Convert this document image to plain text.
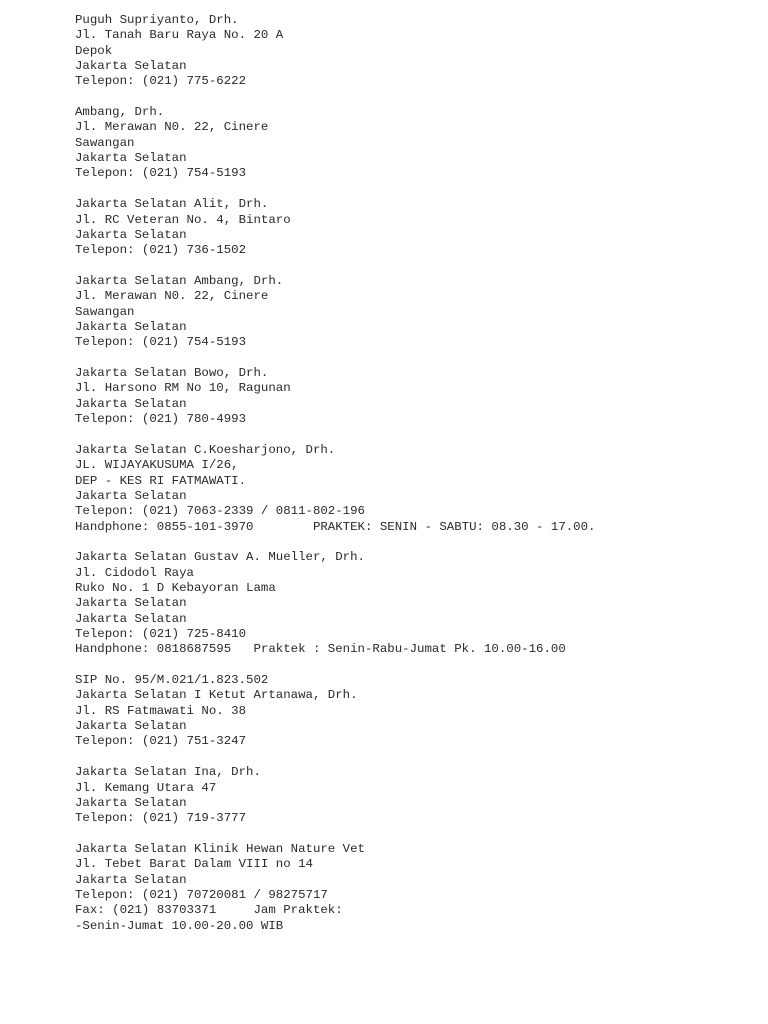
Puguh Supriyanto, Drh.
Jl. Tanah Baru Raya No. 20 A
Depok
Jakarta Selatan
Telepon: (021) 775-6222
Ambang, Drh.
Jl. Merawan N0. 22, Cinere
Sawangan
Jakarta Selatan
Telepon: (021) 754-5193
Jakarta Selatan Alit, Drh.
Jl. RC Veteran No. 4, Bintaro
Jakarta Selatan
Telepon: (021) 736-1502
Jakarta Selatan Ambang, Drh.
Jl. Merawan N0. 22, Cinere
Sawangan
Jakarta Selatan
Telepon: (021) 754-5193
Jakarta Selatan Bowo, Drh.
Jl. Harsono RM No 10, Ragunan
Jakarta Selatan
Telepon: (021) 780-4993
Jakarta Selatan C.Koesharjono, Drh.
JL. WIJAYAKUSUMA I/26,
DEP - KES RI FATMAWATI.
Jakarta Selatan
Telepon: (021) 7063-2339 / 0811-802-196
Handphone: 0855-101-3970        PRAKTEK: SENIN - SABTU: 08.30 - 17.00.
Jakarta Selatan Gustav A. Mueller, Drh.
Jl. Cidodol Raya
Ruko No. 1 D Kebayoran Lama
Jakarta Selatan
Jakarta Selatan
Telepon: (021) 725-8410
Handphone: 0818687595   Praktek : Senin-Rabu-Jumat Pk. 10.00-16.00
SIP No. 95/M.021/1.823.502
Jakarta Selatan I Ketut Artanawa, Drh.
Jl. RS Fatmawati No. 38
Jakarta Selatan
Telepon: (021) 751-3247
Jakarta Selatan Ina, Drh.
Jl. Kemang Utara 47
Jakarta Selatan
Telepon: (021) 719-3777
Jakarta Selatan Klinik Hewan Nature Vet
Jl. Tebet Barat Dalam VIII no 14
Jakarta Selatan
Telepon: (021) 70720081 / 98275717
Fax: (021) 83703371     Jam Praktek:
-Senin-Jumat 10.00-20.00 WIB
